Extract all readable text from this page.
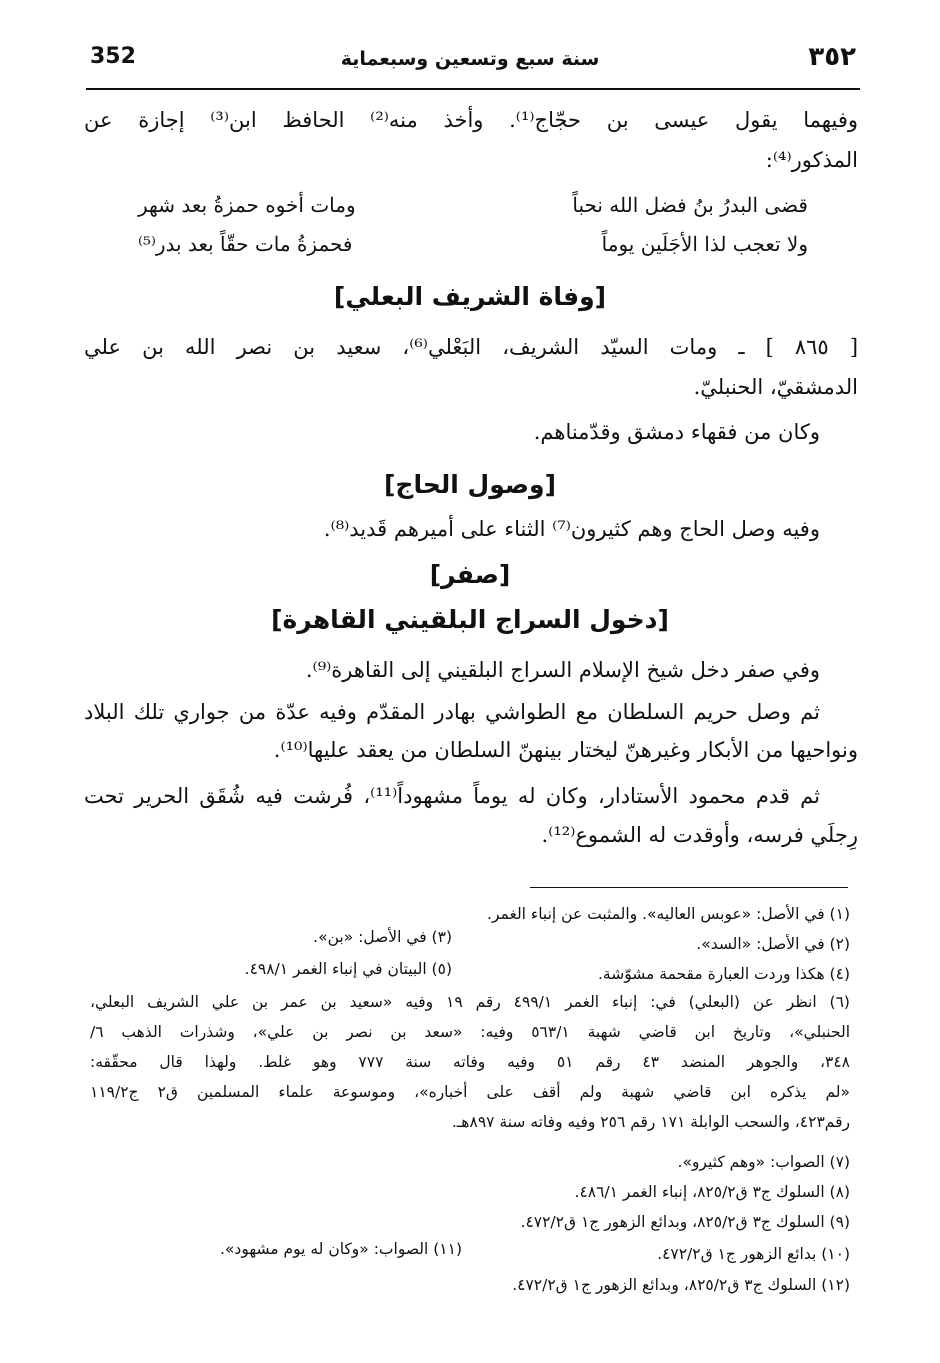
352	سنة سبع وتسعين وسبعماية	٣٥٢
وفيهما يقول عيسى بن حجّاج⁽¹⁾. وأخذ منه⁽²⁾ الحافظ ابن⁽³⁾ إجازة عن
المذكور⁽⁴⁾:
قضى البدرُ بنُ فضل الله نحباً
ومات أخوه حمزةُ بعد شهر
ولا تعجب لذا الأجَلَين يوماً
فحمزةُ مات حقّاً بعد بدر⁽⁵⁾
[وفاة الشريف البعلي]
[ ٨٦٥ ] ـ ومات السيّد الشريف، البَعْلي⁽⁶⁾، سعيد بن نصر الله بن علي
الدمشقيّ، الحنبليّ.
وكان من فقهاء دمشق وقدّمناهم.
[وصول الحاج]
وفيه وصل الحاج وهم كثيرون⁽⁷⁾ الثناء على أميرهم قَديد⁽⁸⁾.
[صفر]
[دخول السراج البلقيني القاهرة]
وفي صفر دخل شيخ الإسلام السراج البلقيني إلى القاهرة⁽⁹⁾.
ثم وصل حريم السلطان مع الطواشي بهادر المقدّم وفيه عدّة من جواري تلك البلاد
ونواحيها من الأبكار وغيرهنّ ليختار بينهنّ السلطان من يعقد عليها⁽¹⁰⁾.
ثم قدم محمود الأستادار، وكان له يوماً مشهوداً⁽¹¹⁾، فُرشت فيه شُقَق الحرير تحت
رِجلَي فرسه، وأوقدت له الشموع⁽¹²⁾.
(١) في الأصل: «عوبس العاليه». والمثبت عن إنباء الغمر.
(٢) في الأصل: «السد».
(٣) في الأصل: «بن».
(٤) هكذا وردت العبارة مقحمة مشوّشة.
(٥) البيتان في إنباء الغمر ٤٩٨/١.
(٦) انظر عن (البعلي) في: إنباء الغمر ٤٩٩/١ رقم ١٩ وفيه «سعيد بن عمر بن علي الشريف البعلي،
الحنبلي»، وتاريخ ابن قاضي شهبة ٥٦٣/١ وفيه: «سعد بن نصر بن علي»، وشذرات الذهب ٦/
٣٤٨، والجوهر المنضد ٤٣ رقم ٥١ وفيه وفاته سنة ٧٧٧ وهو غلط. ولهذا قال محقّقه:
«لم يذكره ابن قاضي شهبة ولم أقف على أخباره»، وموسوعة علماء المسلمين ق٢ ج١١٩/٢
رقم٤٢٣، والسحب الوابلة ١٧١ رقم ٢٥٦ وفيه وفاته سنة ٨٩٧هـ.
(٧) الصواب: «وهم كثيرو».
(٨) السلوك ج٣ ق٨٢٥/٢، إنباء الغمر ٤٨٦/١.
(٩) السلوك ج٣ ق٨٢٥/٢، وبدائع الزهور ج١ ق٤٧٢/٢.
(١٠) بدائع الزهور ج١ ق٤٧٢/٢.
(١١) الصواب: «وكان له يوم مشهود».
(١٢) السلوك ج٣ ق٨٢٥/٢، وبدائع الزهور ج١ ق٤٧٢/٢.
